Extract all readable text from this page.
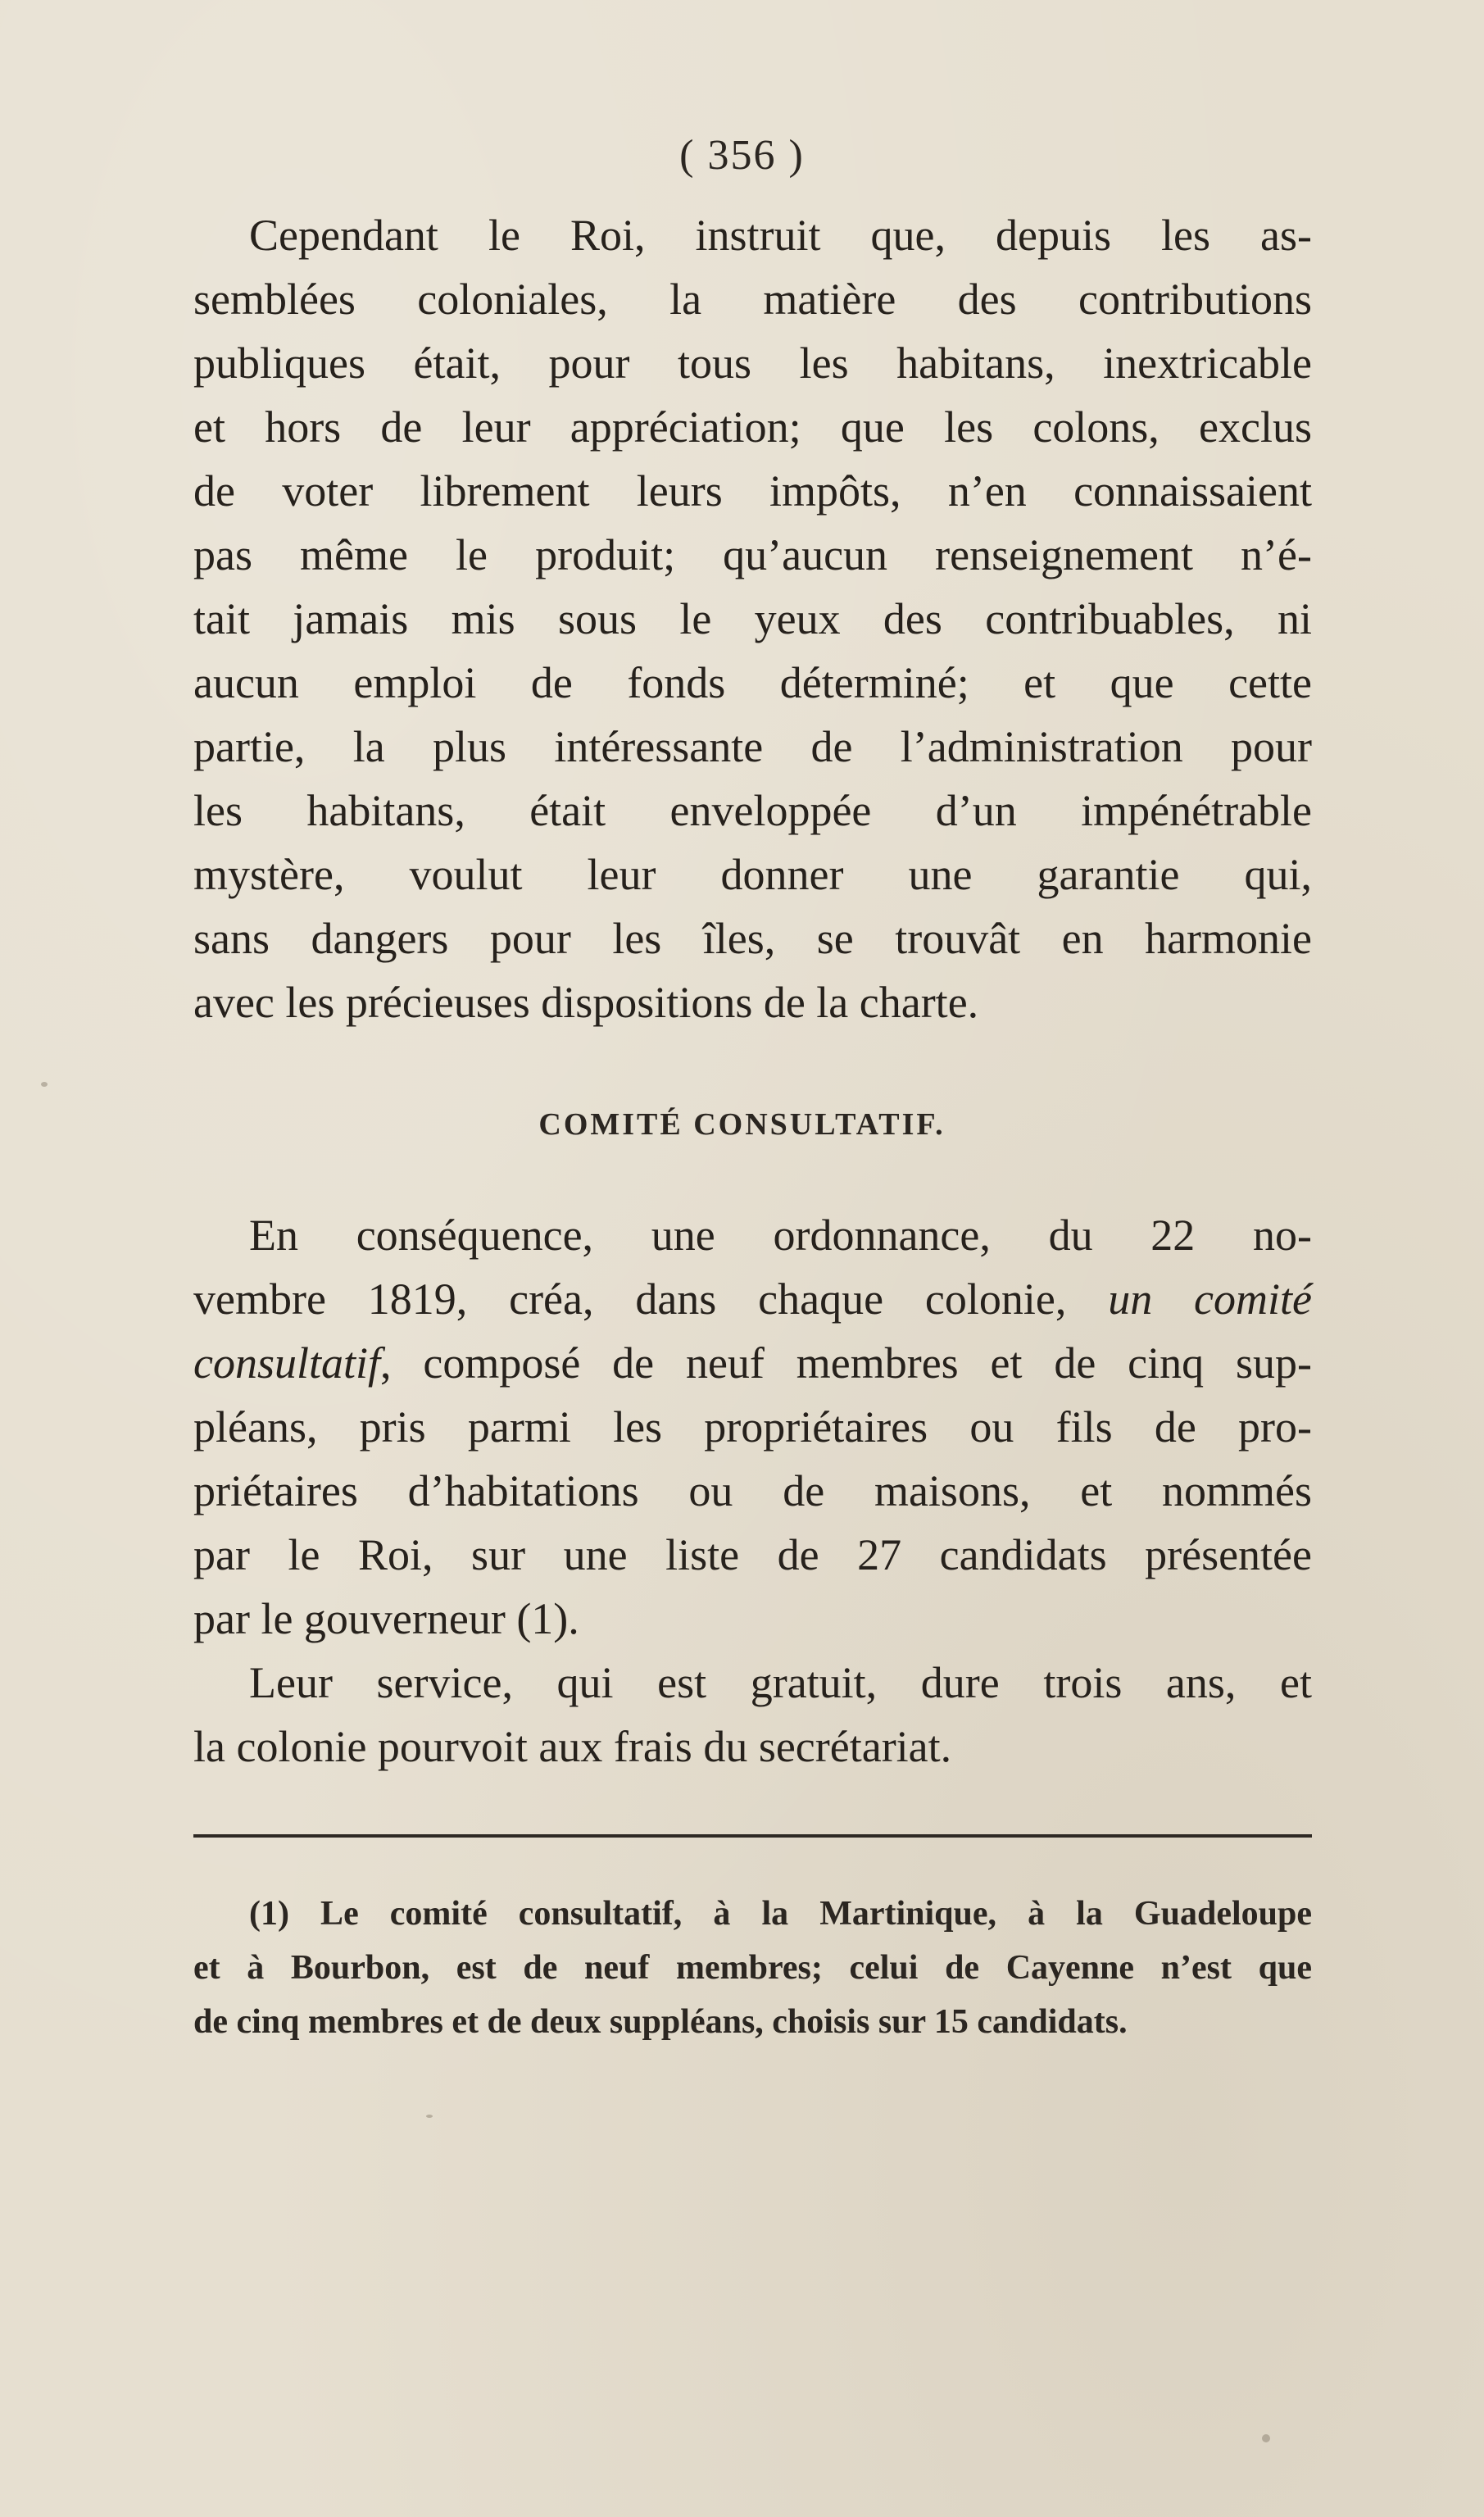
( 356 )
Cependant le Roi, instruit que, depuis les as-
semblées coloniales, la matière des contributions
publiques était, pour tous les habitans, inextricable
et hors de leur appréciation; que les colons, exclus
de voter librement leurs impôts, n’en connaissaient
pas même le produit; qu’aucun renseignement n’é-
tait jamais mis sous le yeux des contribuables, ni
aucun emploi de fonds déterminé; et que cette
partie, la plus intéressante de l’administration pour
les habitans, était enveloppée d’un impénétrable
mystère, voulut leur donner une garantie qui,
sans dangers pour les îles, se trouvât en harmonie
avec les précieuses dispositions de la charte.
COMITÉ CONSULTATIF.
En conséquence, une ordonnance, du 22 no-
vembre 1819, créa, dans chaque colonie, un comité
consultatif, composé de neuf membres et de cinq sup-
pléans, pris parmi les propriétaires ou fils de pro-
priétaires d’habitations ou de maisons, et nommés
par le Roi, sur une liste de 27 candidats présentée
par le gouverneur (1).
Leur service, qui est gratuit, dure trois ans, et
la colonie pourvoit aux frais du secrétariat.
(1) Le comité consultatif, à la Martinique, à la Guadeloupe
et à Bourbon, est de neuf membres; celui de Cayenne n’est que
de cinq membres et de deux suppléans, choisis sur 15 candidats.
